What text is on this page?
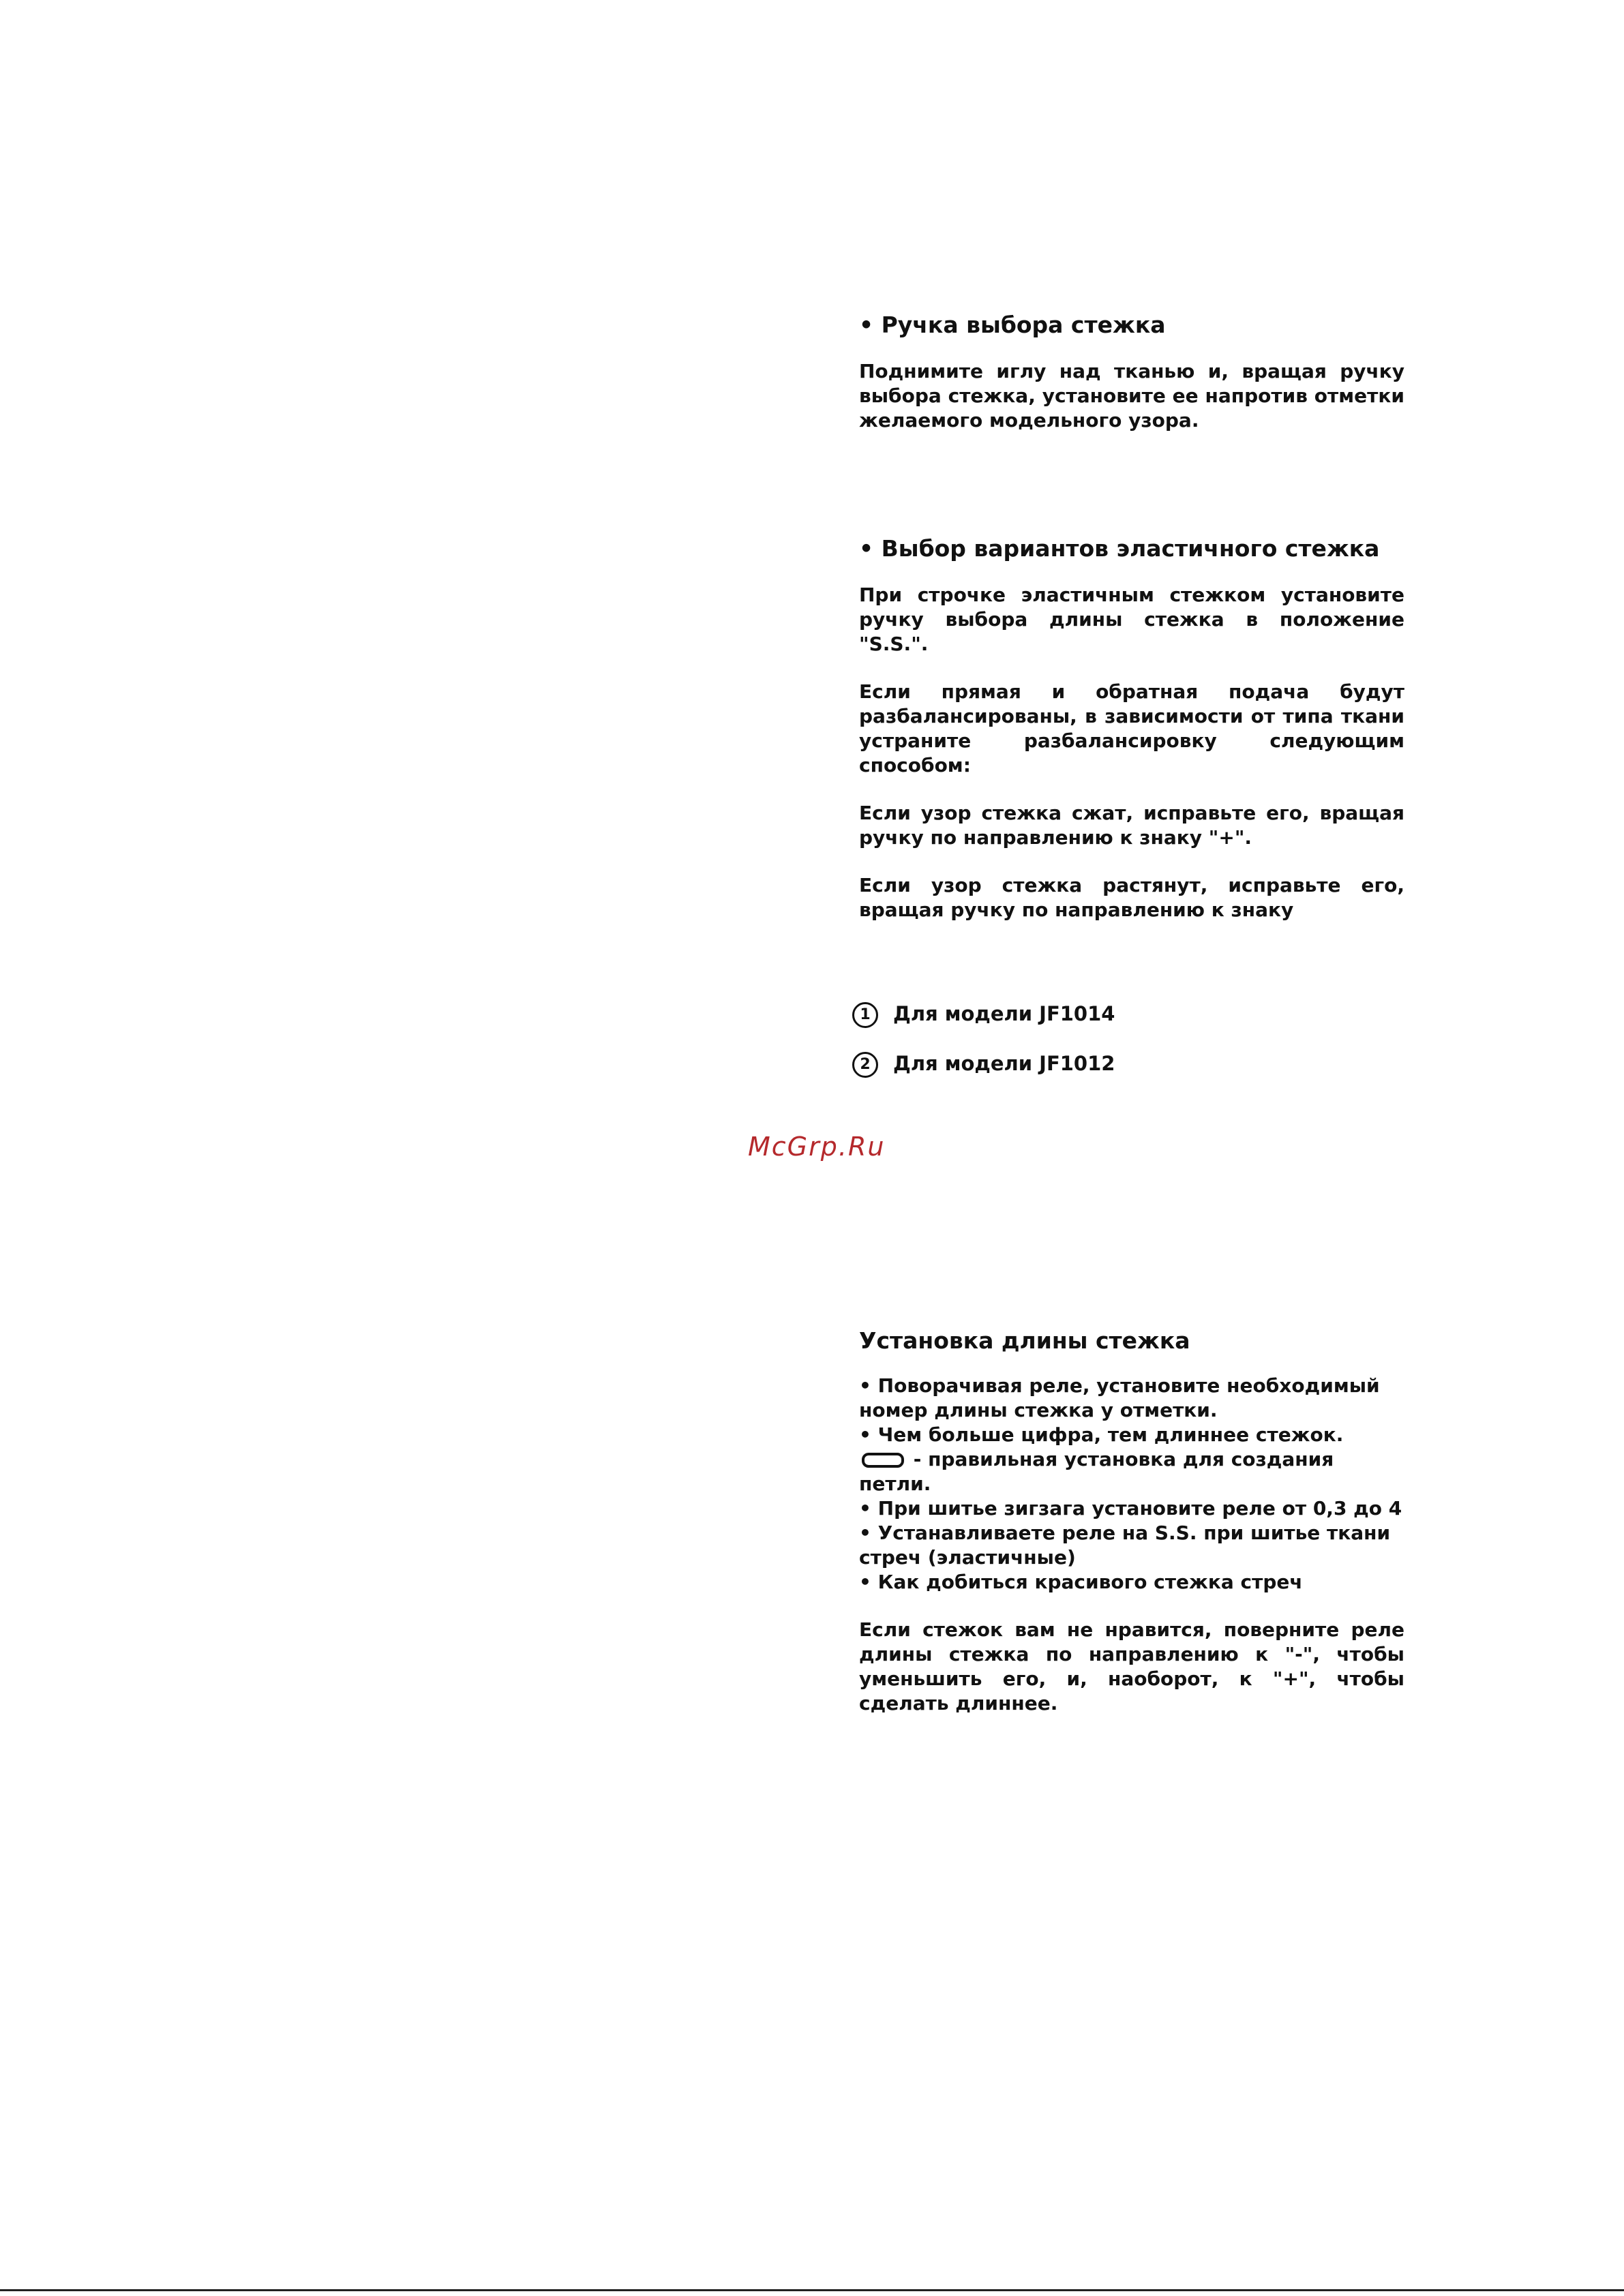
• Ручка выбора стежка

Поднимите иглу над тканью и, вращая ручку выбора стежка, установите ее напротив отметки желаемого модельного узора.

• Выбор вариантов эластичного стежка

При строчке эластичным стежком установите ручку выбора длины стежка в положение "S.S.".

Если прямая и обратная подача будут разбалансированы, в зависимости от типа ткани устраните разбалансировку следующим способом:

Если узор стежка сжат, исправьте его, вращая ручку по направлению к знаку "+".

Если узор стежка растянут, исправьте его, вращая ручку по направлению к знаку

1 Для модели JF1014
2 Для модели JF1012
McGrp.Ru

Установка длины стежка

• Поворачивая реле, установите необходимый номер длины стежка у отметки.

• Чем больше цифра, тем длиннее стежок.

- правильная установка для создания петли.

• При шитье зигзага установите реле от 0,3 до 4

• Устанавливаете реле на S.S. при шитье ткани стреч (эластичные)

• Как добиться красивого стежка стреч

Если стежок вам не нравится, поверните реле длины стежка по направлению к "-", чтобы уменьшить его, и, наоборот, к "+", чтобы сделать длиннее.
